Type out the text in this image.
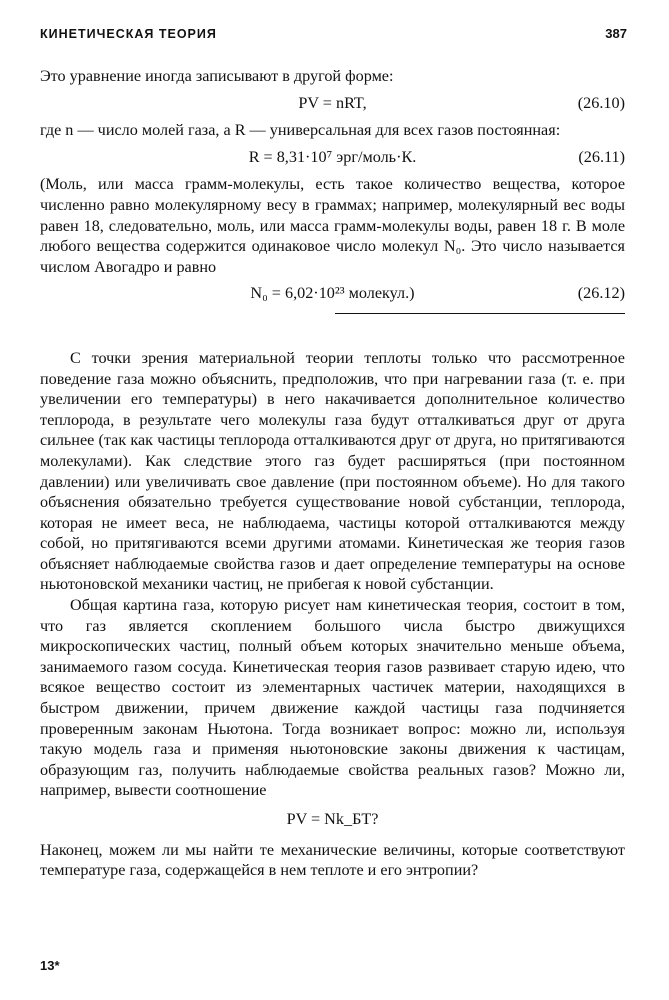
КИНЕТИЧЕСКАЯ ТЕОРИЯ	387

Это уравнение иногда записывают в другой форме:

PV = nRT,	(26.10)

где n — число молей газа, а R — универсальная для всех газов постоянная:

R = 8,31·10⁷ эрг/моль·К.	(26.11)

(Моль, или масса грамм-молекулы, есть такое количество вещества, которое численно равно молекулярному весу в граммах; например, молекулярный вес воды равен 18, следовательно, моль, или масса грамм-молекулы воды, равен 18 г. В моле любого вещества содержится одинаковое число молекул N₀. Это число называется числом Авогадро и равно

N₀ = 6,02·10²³ молекул.)	(26.12)

С точки зрения материальной теории теплоты только что рассмотренное поведение газа можно объяснить, предположив, что при нагревании газа (т. е. при увеличении его температуры) в него накачивается дополнительное количество теплорода, в результате чего молекулы газа будут отталкиваться друг от друга сильнее (так как частицы теплорода отталкиваются друг от друга, но притягиваются молекулами). Как следствие этого газ будет расширяться (при постоянном давлении) или увеличивать свое давление (при постоянном объеме). Но для такого объяснения обязательно требуется существование новой субстанции, теплорода, которая не имеет веса, не наблюдаема, частицы которой отталкиваются между собой, но притягиваются всеми другими атомами. Кинетическая же теория газов объясняет наблюдаемые свойства газов и дает определение температуры на основе ньютоновской механики частиц, не прибегая к новой субстанции.

Общая картина газа, которую рисует нам кинетическая теория, состоит в том, что газ является скоплением большого числа быстро движущихся микроскопических частиц, полный объем которых значительно меньше объема, занимаемого газом сосуда. Кинетическая теория газов развивает старую идею, что всякое вещество состоит из элементарных частичек материи, находящихся в быстром движении, причем движение каждой частицы газа подчиняется проверенным законам Ньютона. Тогда возникает вопрос: можно ли, используя такую модель газа и применяя ньютоновские законы движения к частицам, образующим газ, получить наблюдаемые свойства реальных газов? Можно ли, например, вывести соотношение

PV = Nk_БT?

Наконец, можем ли мы найти те механические величины, которые соответствуют температуре газа, содержащейся в нем теплоте и его энтропии?

13*
